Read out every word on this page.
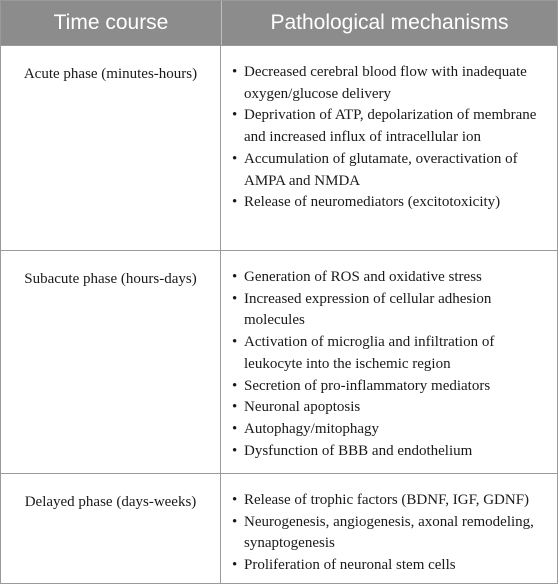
Time course	Pathological mechanisms
Acute phase (minutes-hours)	• Decreased cerebral blood flow with inadequate oxygen/glucose delivery
• Deprivation of ATP, depolarization of membrane and increased influx of intracellular ion
• Accumulation of glutamate, overactivation of AMPA and NMDA
• Release of neuromediators (excitotoxicity)
Subacute phase (hours-days)	• Generation of ROS and oxidative stress
• Increased expression of cellular adhesion molecules
• Activation of microglia and infiltration of leukocyte into the ischemic region
• Secretion of pro-inflammatory mediators
• Neuronal apoptosis
• Autophagy/mitophagy
• Dysfunction of BBB and endothelium
Delayed phase (days-weeks)	• Release of trophic factors (BDNF, IGF, GDNF)
• Neurogenesis, angiogenesis, axonal remodeling, synaptogenesis
• Proliferation of neuronal stem cells
